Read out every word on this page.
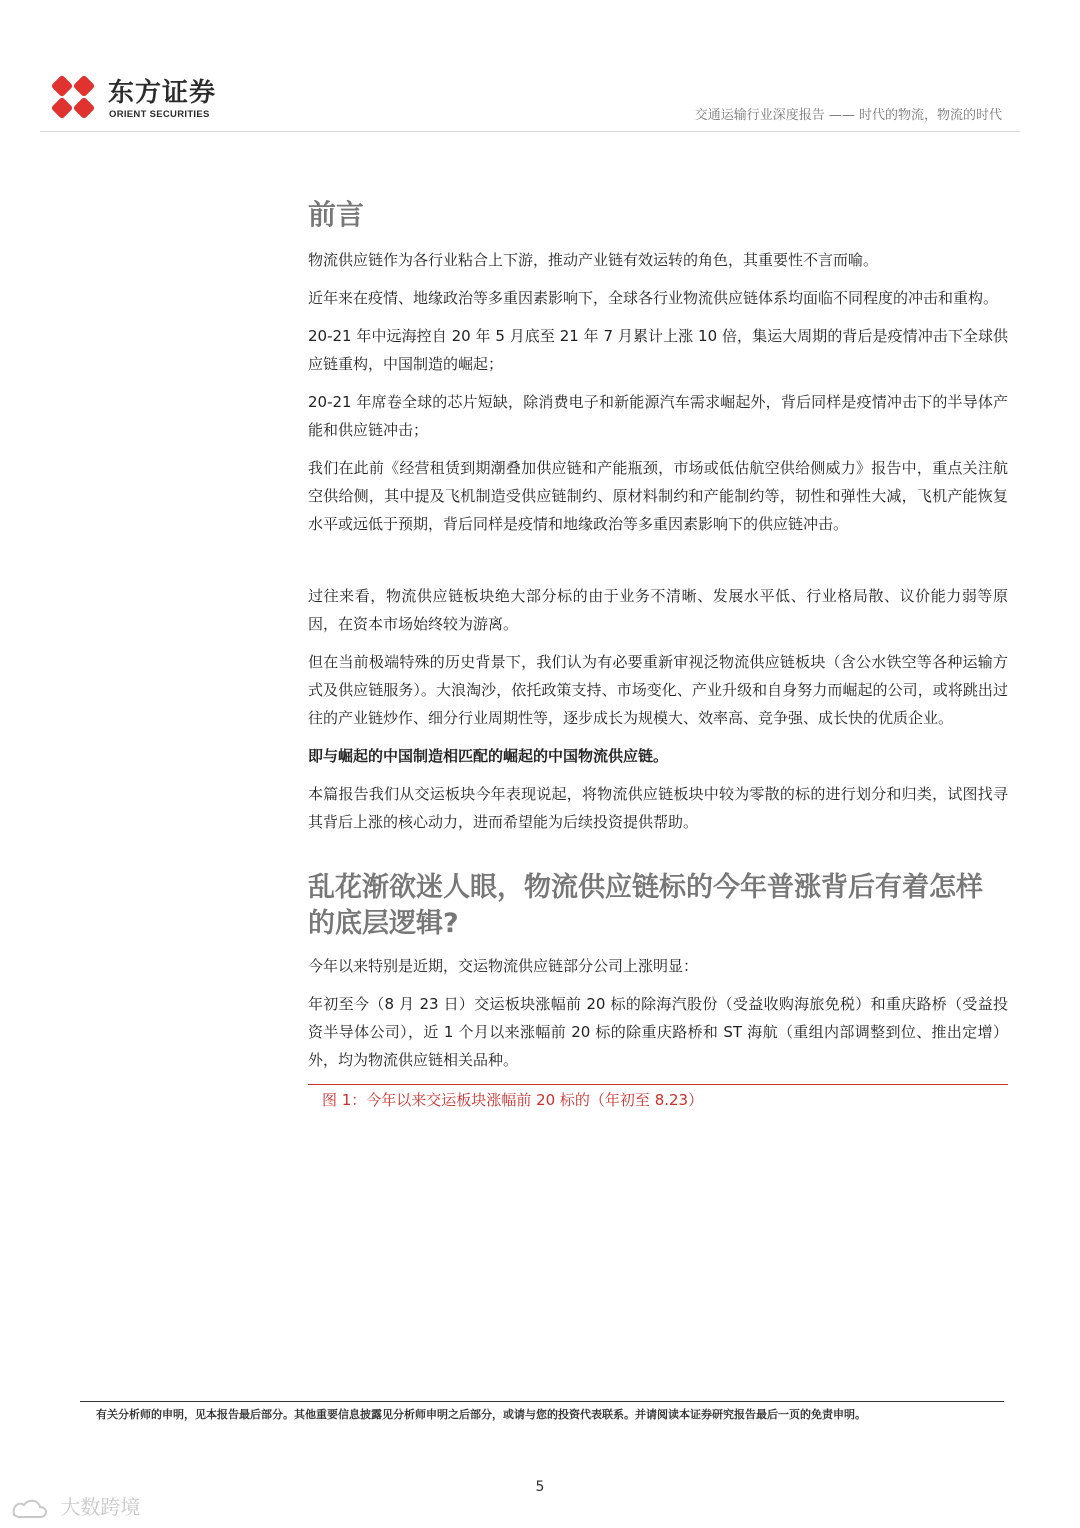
东方证券
ORIENT SECURITIES	交通运输行业深度报告 —— 时代的物流，物流的时代
前言
物流供应链作为各行业粘合上下游，推动产业链有效运转的角色，其重要性不言而喻。
近年来在疫情、地缘政治等多重因素影响下，全球各行业物流供应链体系均面临不同程度的冲击和重构。
20-21 年中远海控自 20 年 5 月底至 21 年 7 月累计上涨 10 倍，集运大周期的背后是疫情冲击下全球供应链重构，中国制造的崛起；
20-21 年席卷全球的芯片短缺，除消费电子和新能源汽车需求崛起外，背后同样是疫情冲击下的半导体产能和供应链冲击；
我们在此前《经营租赁到期潮叠加供应链和产能瓶颈，市场或低估航空供给侧威力》报告中，重点关注航空供给侧，其中提及飞机制造受供应链制约、原材料制约和产能制约等，韧性和弹性大减，飞机产能恢复水平或远低于预期，背后同样是疫情和地缘政治等多重因素影响下的供应链冲击。
过往来看，物流供应链板块绝大部分标的由于业务不清晰、发展水平低、行业格局散、议价能力弱等原因，在资本市场始终较为游离。
但在当前极端特殊的历史背景下，我们认为有必要重新审视泛物流供应链板块（含公水铁空等各种运输方式及供应链服务）。大浪淘沙，依托政策支持、市场变化、产业升级和自身努力而崛起的公司，或将跳出过往的产业链炒作、细分行业周期性等，逐步成长为规模大、效率高、竞争强、成长快的优质企业。
即与崛起的中国制造相匹配的崛起的中国物流供应链。
本篇报告我们从交运板块今年表现说起，将物流供应链板块中较为零散的标的进行划分和归类，试图找寻其背后上涨的核心动力，进而希望能为后续投资提供帮助。
乱花渐欲迷人眼，物流供应链标的今年普涨背后有着怎样的底层逻辑?
今年以来特别是近期，交运物流供应链部分公司上涨明显：
年初至今（8 月 23 日）交运板块涨幅前 20 标的除海汽股份（受益收购海旅免税）和重庆路桥（受益投资半导体公司），近 1 个月以来涨幅前 20 标的除重庆路桥和 ST 海航（重组内部调整到位、推出定增）外，均为物流供应链相关品种。
图 1：今年以来交运板块涨幅前 20 标的（年初至 8.23）
有关分析师的申明，见本报告最后部分。其他重要信息披露见分析师申明之后部分，或请与您的投资代表联系。并请阅读本证券研究报告最后一页的免责申明。
5
大数跨境
